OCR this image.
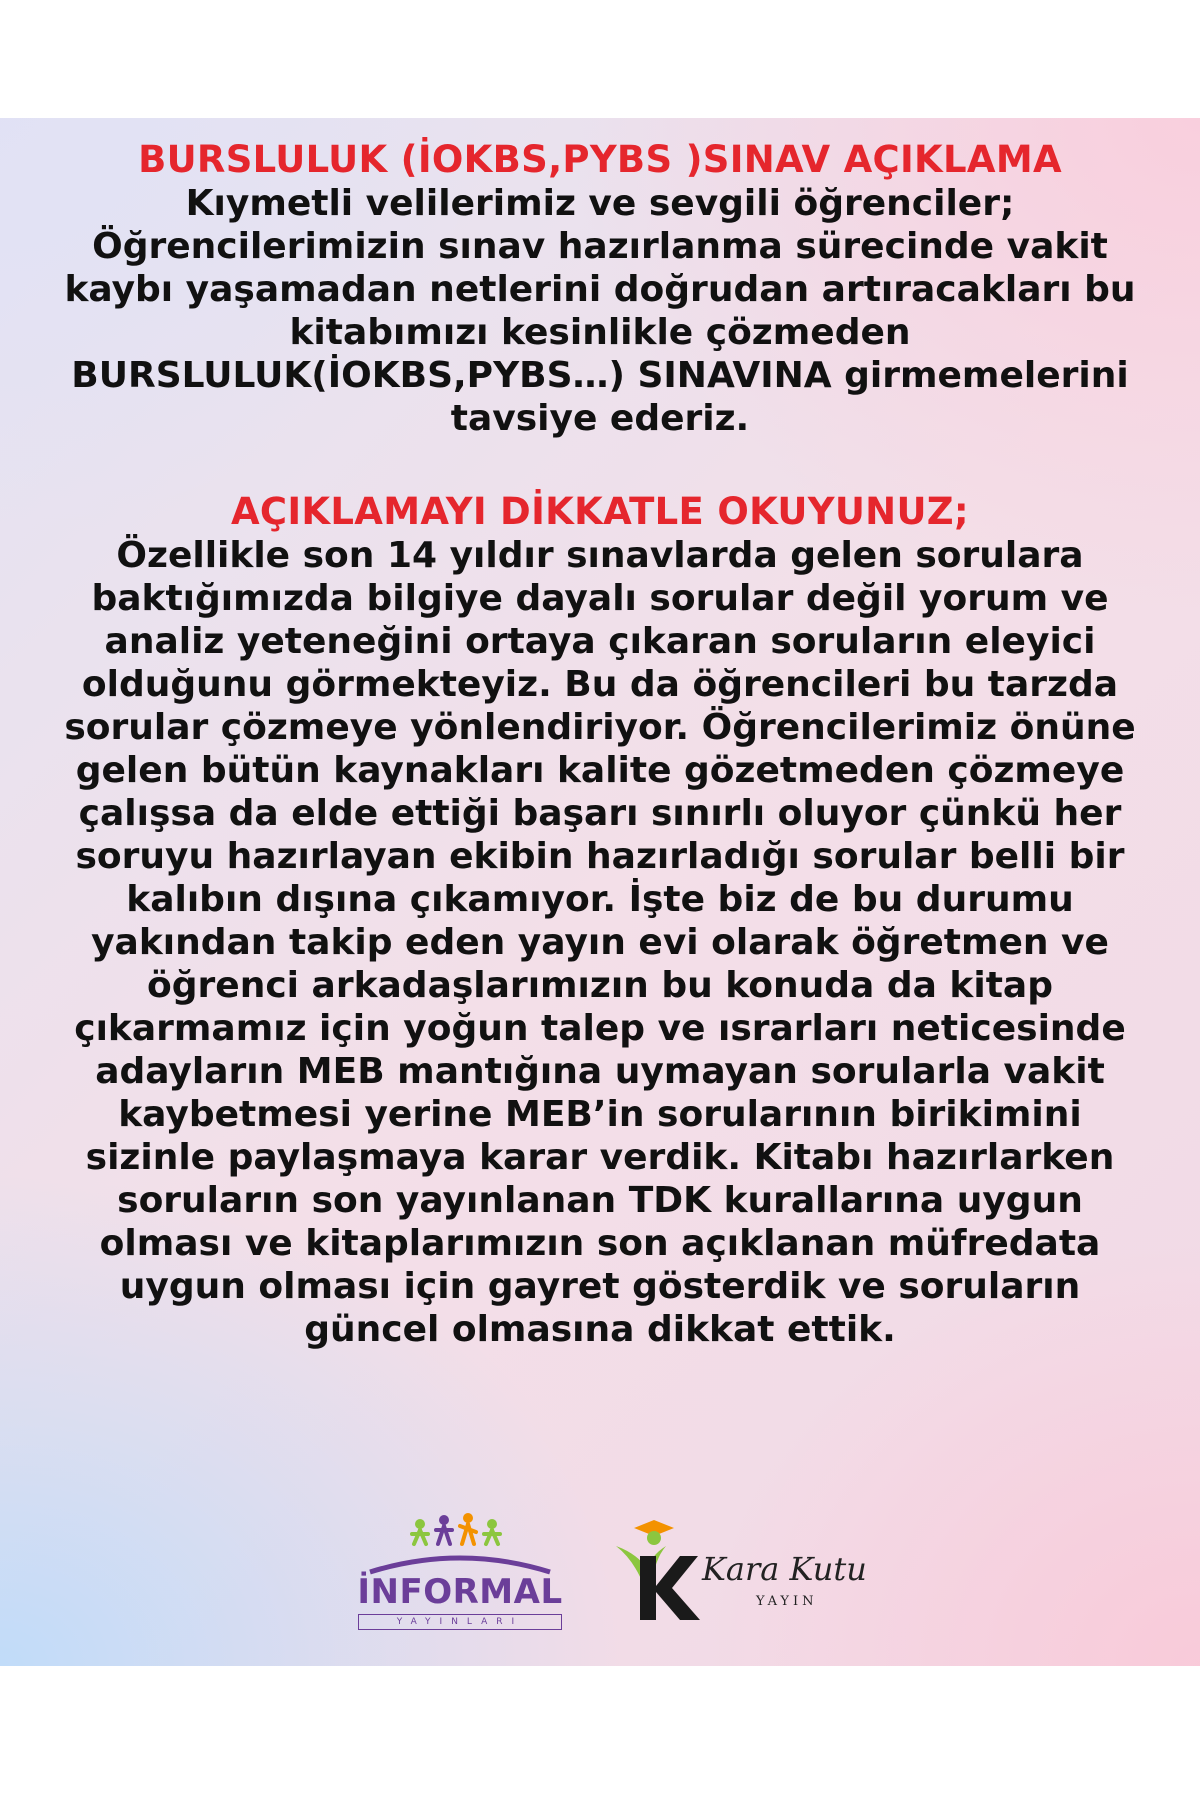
BURSLULUK (İOKBS,PYBS )SINAV AÇIKLAMA
Kıymetli velilerimiz ve sevgili öğrenciler;
Öğrencilerimizin sınav hazırlanma sürecinde vakit
kaybı yaşamadan netlerini doğrudan artıracakları bu
kitabımızı kesinlikle çözmeden
BURSLULUK(İOKBS,PYBS…) SINAVINA girmemelerini
tavsiye ederiz.
AÇIKLAMAYI DİKKATLE OKUYUNUZ;
Özellikle son 14 yıldır sınavlarda gelen sorulara
baktığımızda bilgiye dayalı sorular değil yorum ve
analiz yeteneğini ortaya çıkaran soruların eleyici
olduğunu görmekteyiz. Bu da öğrencileri bu tarzda
sorular çözmeye yönlendiriyor. Öğrencilerimiz önüne
gelen bütün kaynakları kalite gözetmeden çözmeye
çalışsa da elde ettiği başarı sınırlı oluyor çünkü her
soruyu hazırlayan ekibin hazırladığı sorular belli bir
kalıbın dışına çıkamıyor. İşte biz de bu durumu
yakından takip eden yayın evi olarak öğretmen ve
öğrenci arkadaşlarımızın bu konuda da kitap
çıkarmamız için yoğun talep ve ısrarları neticesinde
adayların MEB mantığına uymayan sorularla vakit
kaybetmesi yerine MEB’in sorularının birikimini
sizinle paylaşmaya karar verdik. Kitabı hazırlarken
soruların son yayınlanan TDK kurallarına uygun
olması ve kitaplarımızın son açıklanan müfredata
uygun olması için gayret gösterdik ve soruların
güncel olmasına dikkat ettik.
İNFORMAL
YAYINLARI
Kara Kutu
YAYIN
